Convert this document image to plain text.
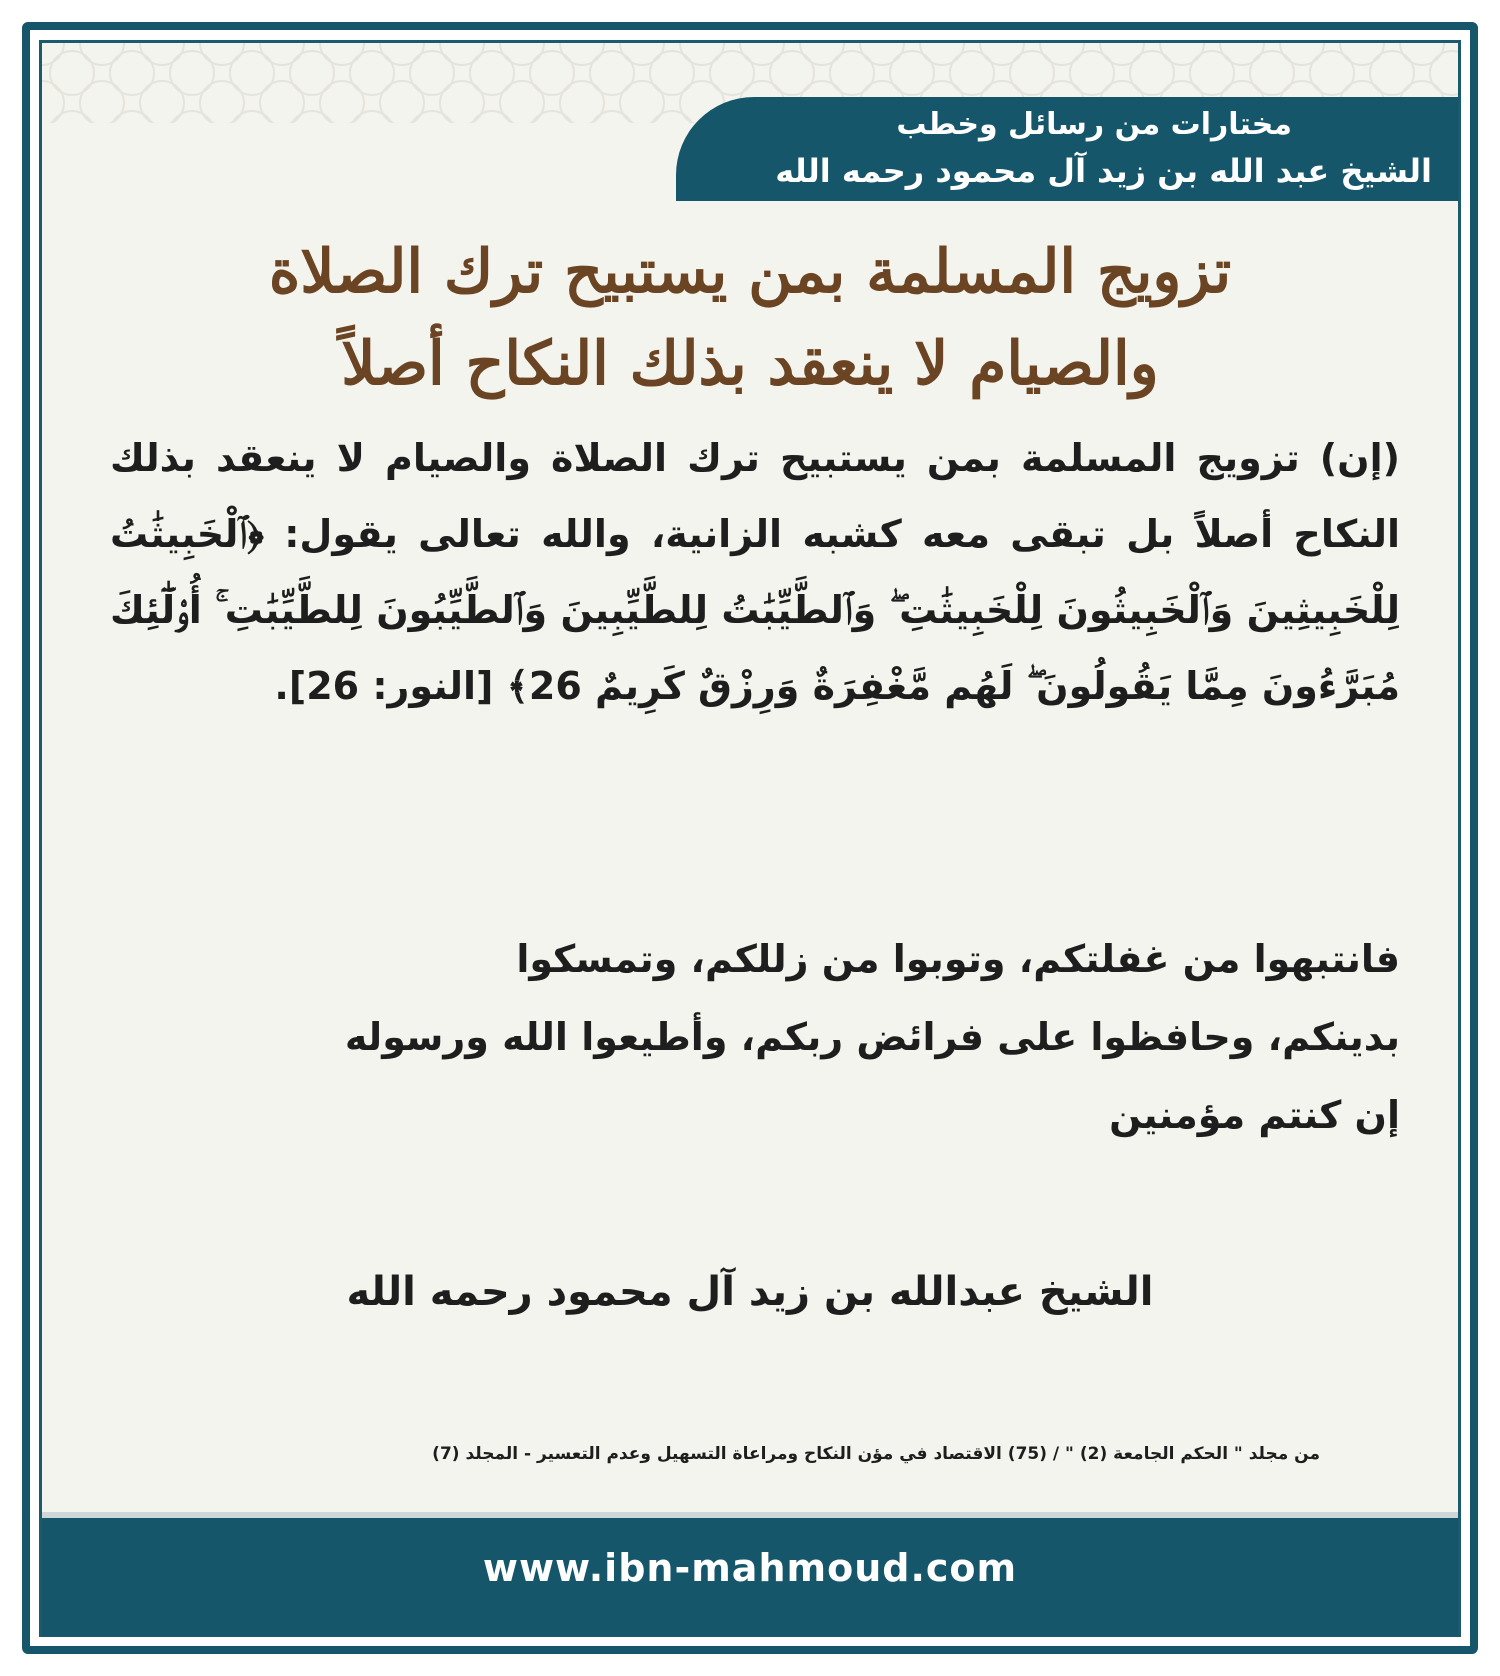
مختارات من رسائل وخطب
الشيخ عبد الله بن زيد آل محمود رحمه الله
تزويج المسلمة بمن يستبيح ترك الصلاة
والصيام لا ينعقد بذلك النكاح أصلاً
(إن) تزويج المسلمة بمن يستبيح ترك الصلاة والصيام لا ينعقد بذلك النكاح أصلاً بل تبقى معه كشبه الزانية، والله تعالى يقول: ﴿ٱلْخَبِيثَٰتُ لِلْخَبِيثِينَ وَٱلْخَبِيثُونَ لِلْخَبِيثَٰتِ ۖ وَٱلطَّيِّبَٰتُ لِلطَّيِّبِينَ وَٱلطَّيِّبُونَ لِلطَّيِّبَٰتِ ۚ أُو۟لَٰٓئِكَ مُبَرَّءُونَ مِمَّا يَقُولُونَ ۖ لَهُم مَّغْفِرَةٌ وَرِزْقٌ كَرِيمٌ 26﴾ [النور: 26].
فانتبهوا من غفلتكم، وتوبوا من زللكم، وتمسكوا
بدينكم، وحافظوا على فرائض ربكم، وأطيعوا الله ورسوله
إن كنتم مؤمنين
الشيخ عبدالله بن زيد آل محمود رحمه الله
من مجلد " الحكم الجامعة (2) " / (75) الاقتصاد في مؤن النكاح ومراعاة التسهيل وعدم التعسير - المجلد (7)
www.ibn-mahmoud.com
